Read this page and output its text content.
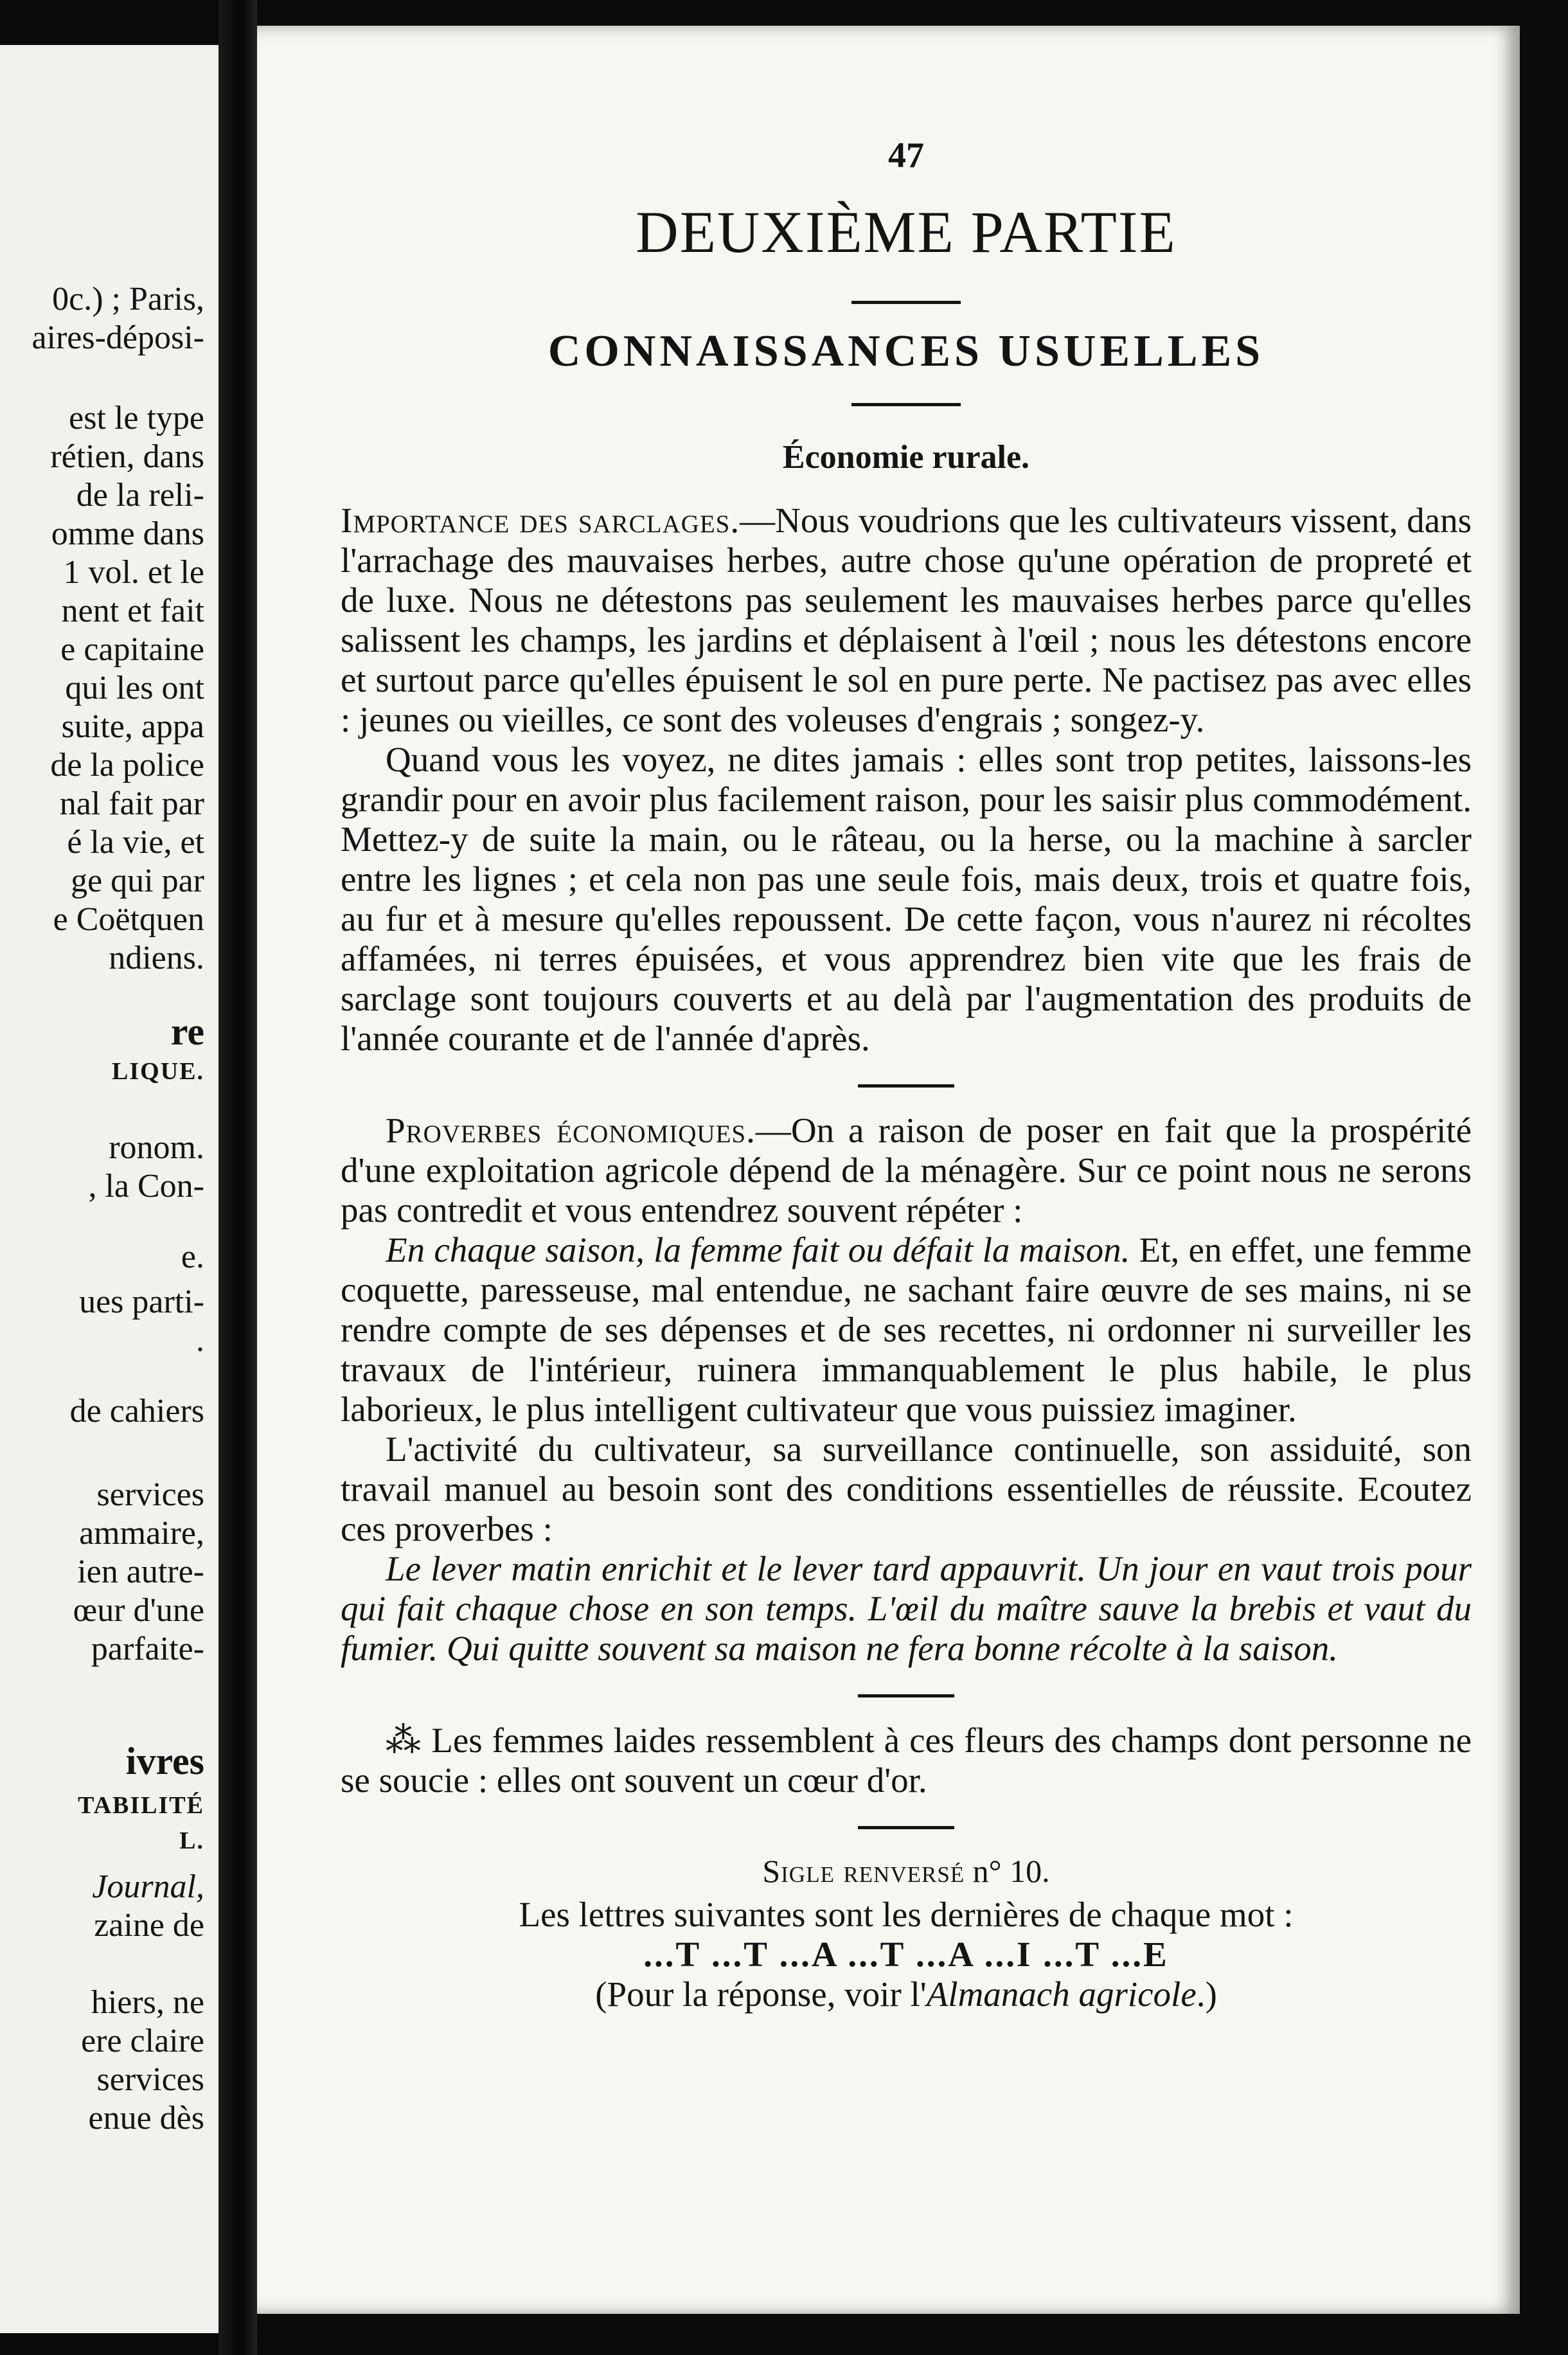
0c.) ; Paris,
aires-déposi-
est le type
rétien, dans
de la reli-
omme dans
1 vol. et le
nent et fait
e capitaine
qui les ont
suite, appa
de la police
nal fait par
é la vie, et
ge qui par
e Coëtquen
ndiens.
re
LIQUE.
ronom.
, la Con-
e.
ues parti-
.
de cahiers
services
ammaire,
ien autre-
œur d'une
parfaite-
ivres
TABILITÉ
L.
Journal,
zaine de
hiers, ne
ere claire
services
enue dès

47

DEUXIÈME PARTIE
CONNAISSANCES USUELLES
Économie rurale.

Importance des sarclages.—Nous voudrions que les cultivateurs vissent, dans l'arrachage des mauvaises herbes, autre chose qu'une opération de propreté et de luxe. Nous ne détestons pas seulement les mauvaises herbes parce qu'elles salissent les champs, les jardins et déplaisent à l'œil ; nous les détestons encore et surtout parce qu'elles épuisent le sol en pure perte. Ne pactisez pas avec elles : jeunes ou vieilles, ce sont des voleuses d'engrais ; songez-y.

Quand vous les voyez, ne dites jamais : elles sont trop petites, laissons-les grandir pour en avoir plus facilement raison, pour les saisir plus commodément. Mettez-y de suite la main, ou le râteau, ou la herse, ou la machine à sarcler entre les lignes ; et cela non pas une seule fois, mais deux, trois et quatre fois, au fur et à mesure qu'elles repoussent. De cette façon, vous n'aurez ni récoltes affamées, ni terres épuisées, et vous apprendrez bien vite que les frais de sarclage sont toujours couverts et au delà par l'augmentation des produits de l'année courante et de l'année d'après.

Proverbes économiques.—On a raison de poser en fait que la prospérité d'une exploitation agricole dépend de la ménagère. Sur ce point nous ne serons pas contredit et vous entendrez souvent répéter :

En chaque saison, la femme fait ou défait la maison. Et, en effet, une femme coquette, paresseuse, mal entendue, ne sachant faire œuvre de ses mains, ni se rendre compte de ses dépenses et de ses recettes, ni ordonner ni surveiller les travaux de l'intérieur, ruinera immanquablement le plus habile, le plus laborieux, le plus intelligent cultivateur que vous puissiez imaginer.

L'activité du cultivateur, sa surveillance continuelle, son assiduité, son travail manuel au besoin sont des conditions essentielles de réussite. Ecoutez ces proverbes :

Le lever matin enrichit et le lever tard appauvrit. Un jour en vaut trois pour qui fait chaque chose en son temps. L'œil du maître sauve la brebis et vaut du fumier. Qui quitte souvent sa maison ne fera bonne récolte à la saison.

⁂ Les femmes laides ressemblent à ces fleurs des champs dont personne ne se soucie : elles ont souvent un cœur d'or.

Sigle renversé n° 10.

Les lettres suivantes sont les dernières de chaque mot :

...T ...T ...A ...T ...A ...I ...T ...E

(Pour la réponse, voir l'Almanach agricole.)
